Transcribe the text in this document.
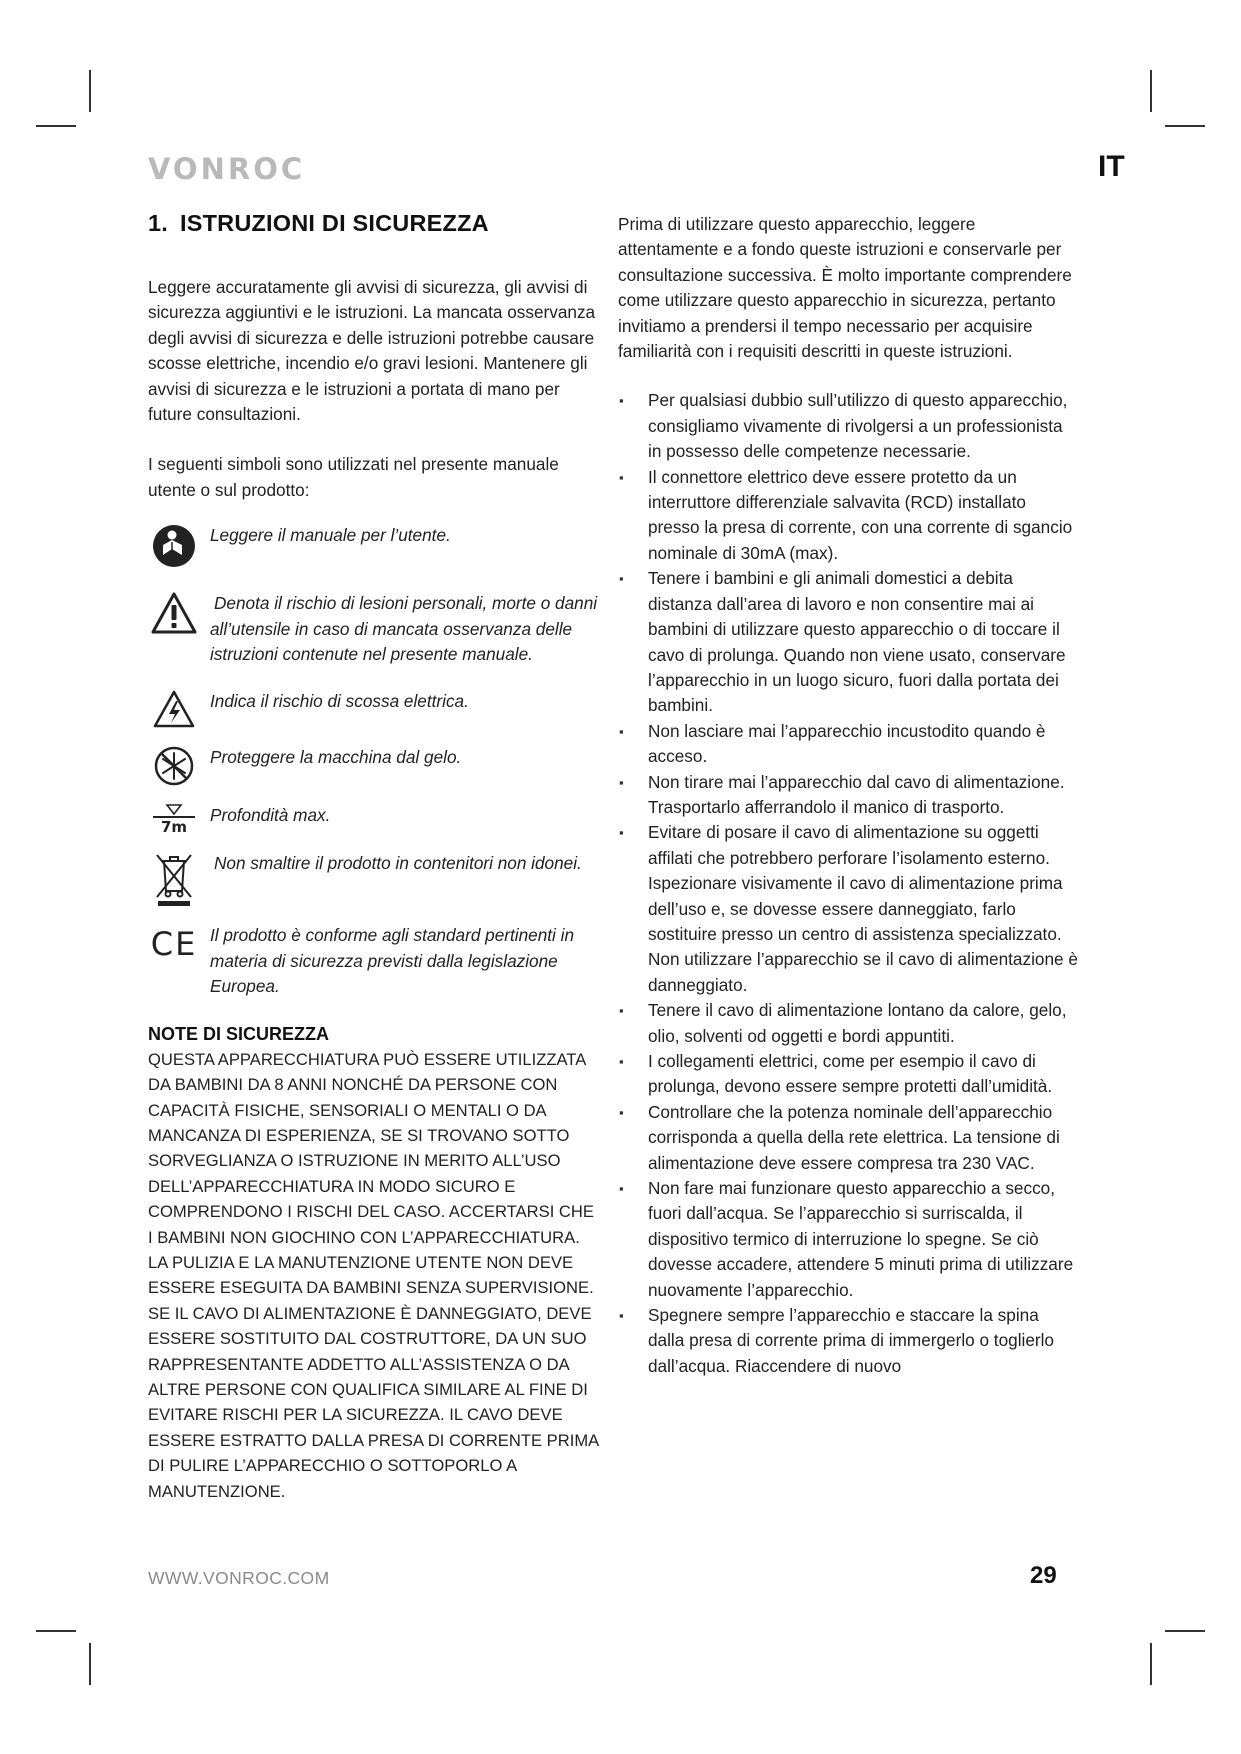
VONROC	IT
1. ISTRUZIONI DI SICUREZZA

Leggere accuratamente gli avvisi di sicurezza, gli avvisi di sicurezza aggiuntivi e le istruzioni. La mancata osservanza degli avvisi di sicurezza e delle istruzioni potrebbe causare scosse elettriche, incendio e/o gravi lesioni. Mantenere gli avvisi di sicurezza e le istruzioni a portata di mano per future consultazioni.

I seguenti simboli sono utilizzati nel presente manuale utente o sul prodotto:

Leggere il manuale per l’utente.
Denota il rischio di lesioni personali, morte o danni all’utensile in caso di mancata osservanza delle istruzioni contenute nel presente manuale.
Indica il rischio di scossa elettrica.
Proteggere la macchina dal gelo.
7m
Profondità max.
Non smaltire il prodotto in contenitori non idonei.
CE Il prodotto è conforme agli standard pertinenti in materia di sicurezza previsti dalla legislazione Europea.
NOTE DI SICUREZZA

QUESTA APPARECCHIATURA PUÒ ESSERE UTILIZZATA DA BAMBINI DA 8 ANNI NONCHÉ DA PERSONE CON CAPACITÀ FISICHE, SENSORIALI O MENTALI O DA MANCANZA DI ESPERIENZA, SE SI TROVANO SOTTO SORVEGLIANZA O ISTRUZIONE IN MERITO ALL’USO DELL’APPARECCHIATURA IN MODO SICURO E COMPRENDONO I RISCHI DEL CASO. ACCERTARSI CHE I BAMBINI NON GIOCHINO CON L’APPARECCHIATURA. LA PULIZIA E LA MANUTENZIONE UTENTE NON DEVE ESSERE ESEGUITA DA BAMBINI SENZA SUPERVISIONE. SE IL CAVO DI ALIMENTAZIONE È DANNEGGIATO, DEVE ESSERE SOSTITUITO DAL COSTRUTTORE, DA UN SUO RAPPRESENTANTE ADDETTO ALL’ASSISTENZA O DA ALTRE PERSONE CON QUALIFICA SIMILARE AL FINE DI EVITARE RISCHI PER LA SICUREZZA. IL CAVO DEVE ESSERE ESTRATTO DALLA PRESA DI CORRENTE PRIMA DI PULIRE L’APPARECCHIO O SOTTOPORLO A MANUTENZIONE.

Prima di utilizzare questo apparecchio, leggere attentamente e a fondo queste istruzioni e conservarle per consultazione successiva. È molto importante comprendere come utilizzare questo apparecchio in sicurezza, pertanto invitiamo a prendersi il tempo necessario per acquisire familiarità con i requisiti descritti in queste istruzioni.

▪ Per qualsiasi dubbio sull’utilizzo di questo apparecchio, consigliamo vivamente di rivolgersi a un professionista in possesso delle competenze necessarie.
▪ Il connettore elettrico deve essere protetto da un interruttore differenziale salvavita (RCD) installato presso la presa di corrente, con una corrente di sgancio nominale di 30mA (max).
▪ Tenere i bambini e gli animali domestici a debita distanza dall’area di lavoro e non consentire mai ai bambini di utilizzare questo apparecchio o di toccare il cavo di prolunga. Quando non viene usato, conservare l’apparecchio in un luogo sicuro, fuori dalla portata dei bambini.
▪ Non lasciare mai l’apparecchio incustodito quando è acceso.
▪ Non tirare mai l’apparecchio dal cavo di alimentazione. Trasportarlo afferrandolo il manico di trasporto.
▪ Evitare di posare il cavo di alimentazione su oggetti affilati che potrebbero perforare l’isolamento esterno. Ispezionare visivamente il cavo di alimentazione prima dell’uso e, se dovesse essere danneggiato, farlo sostituire presso un centro di assistenza specializzato. Non utilizzare l’apparecchio se il cavo di alimentazione è danneggiato.
▪ Tenere il cavo di alimentazione lontano da calore, gelo, olio, solventi od oggetti e bordi appuntiti.
▪ I collegamenti elettrici, come per esempio il cavo di prolunga, devono essere sempre protetti dall’umidità.
▪ Controllare che la potenza nominale dell’apparecchio corrisponda a quella della rete elettrica. La tensione di alimentazione deve essere compresa tra 230 VAC.
▪ Non fare mai funzionare questo apparecchio a secco, fuori dall’acqua. Se l’apparecchio si surriscalda, il dispositivo termico di interruzione lo spegne. Se ciò dovesse accadere, attendere 5 minuti prima di utilizzare nuovamente l’apparecchio.
▪ Spegnere sempre l’apparecchio e staccare la spina dalla presa di corrente prima di immergerlo o toglierlo dall’acqua. Riaccendere di nuovo
WWW.VONROC.COM	29
